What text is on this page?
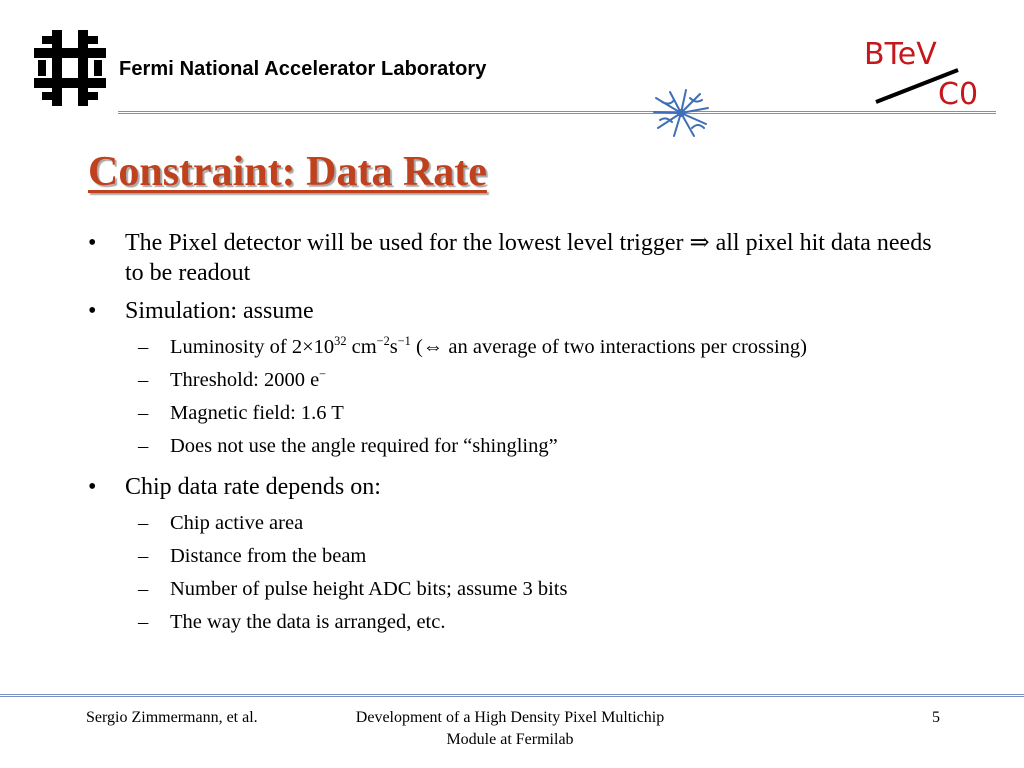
Fermi National Accelerator Laboratory	BTeV
C0
Constraint: Data Rate
• The Pixel detector will be used for the lowest level trigger ⇒ all pixel hit data needs to be readout
• Simulation: assume
– Luminosity of $2\times 10^{32}$ $cm^{-2}s^{-1}$ (⇔ an average of two interactions per crossing)
– Threshold: 2000 e−
– Magnetic field: 1.6 T
– Does not use the angle required for “shingling”
• Chip data rate depends on:
– Chip active area
– Distance from the beam
– Number of pulse height ADC bits; assume 3 bits
– The way the data is arranged, etc.
Sergio Zimmermann, et al.	Development of a High Density Pixel Multichip Module at Fermilab
5
